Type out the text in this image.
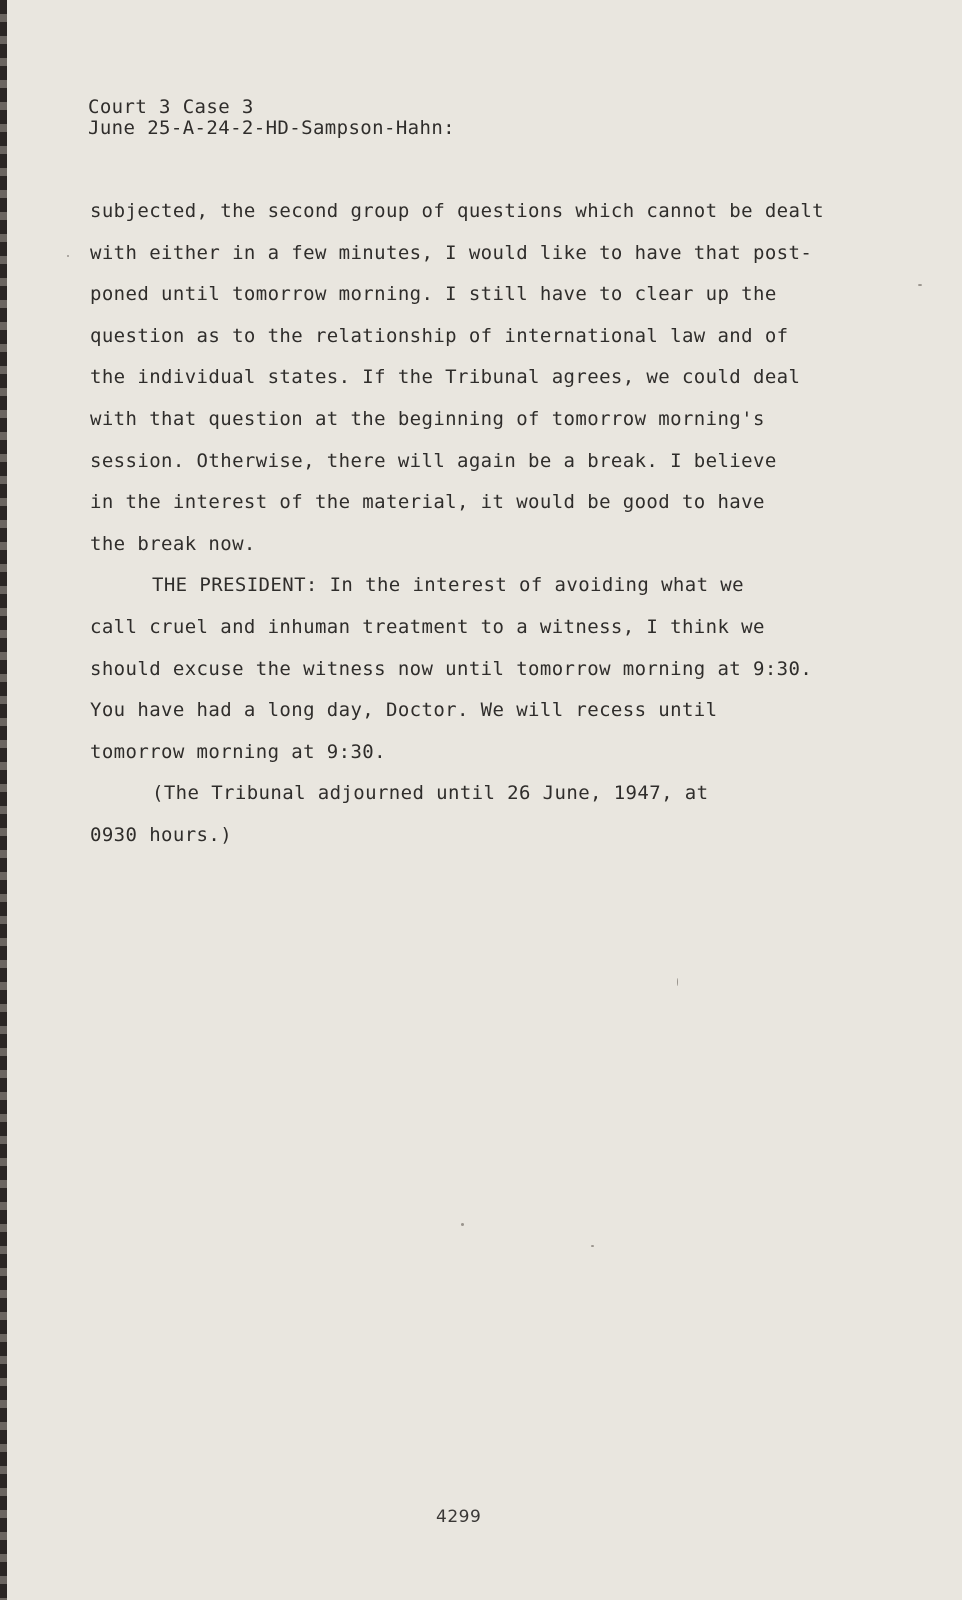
Court 3 Case 3
June 25-A-24-2-HD-Sampson-Hahn:
subjected, the second group of questions which cannot be dealt
with either in a few minutes, I would like to have that post-
poned until tomorrow morning. I still have to clear up the
question as to the relationship of international law and of
the individual states. If the Tribunal agrees, we could deal
with that question at the beginning of tomorrow morning's
session. Otherwise, there will again be a break. I believe
in the interest of the material, it would be good to have
the break now.
THE PRESIDENT: In the interest of avoiding what we
call cruel and inhuman treatment to a witness, I think we
should excuse the witness now until tomorrow morning at 9:30.
You have had a long day, Doctor. We will recess until
tomorrow morning at 9:30.
(The Tribunal adjourned until 26 June, 1947, at
0930 hours.)
4299
